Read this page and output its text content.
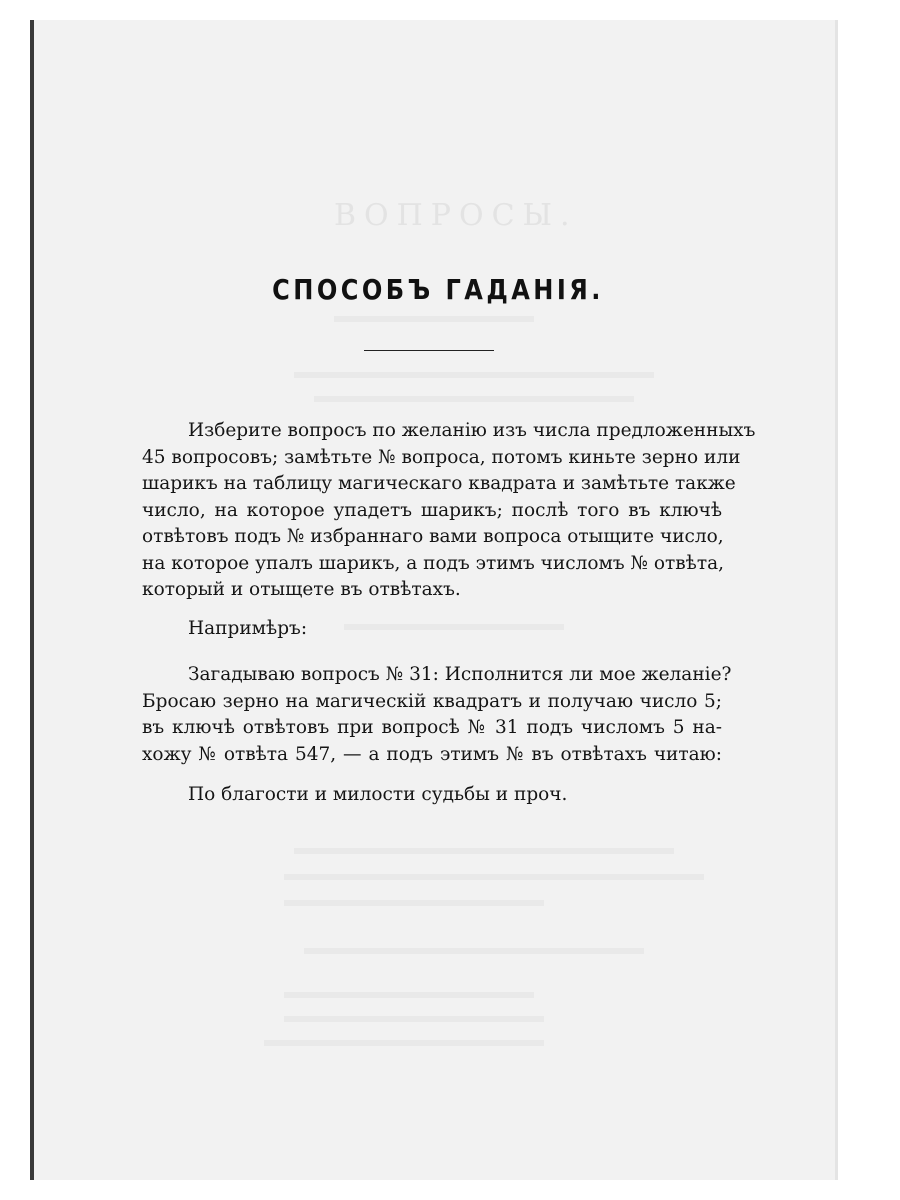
ВОПРОСЫ.
СПОСОБЪ ГАДАНІЯ.

Изберите вопросъ по желанію изъ числа предложенныхъ
45 вопросовъ; замѣтьте № вопроса, потомъ киньте зерно или
шарикъ на таблицу магическаго квадрата и замѣтьте также
число, на которое упадетъ шарикъ; послѣ того въ ключѣ
отвѣтовъ подъ № избраннаго вами вопроса отыщите число,
на которое упалъ шарикъ, а подъ этимъ числомъ № отвѣта,
который и отыщете въ отвѣтахъ.

Напримѣръ:

Загадываю вопросъ № 31: Исполнится ли мое желаніе?
Бросаю зерно на магическій квадратъ и получаю число 5;
въ ключѣ отвѣтовъ при вопросѣ № 31 подъ числомъ 5 на-
хожу № отвѣта 547, — а подъ этимъ № въ отвѣтахъ читаю:

По благости и милости судьбы и проч.
